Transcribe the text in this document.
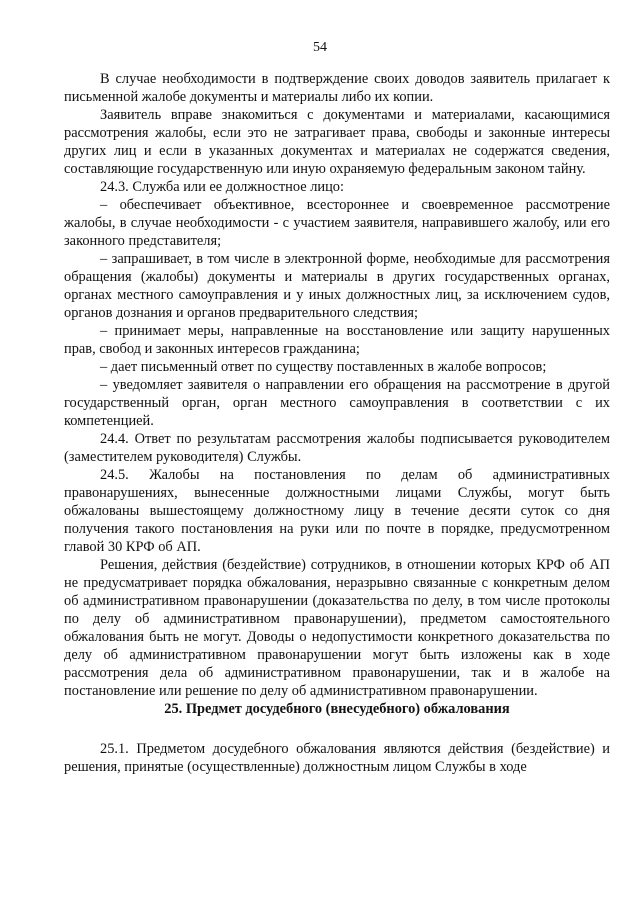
54

В случае необходимости в подтверждение своих доводов заявитель прилагает к письменной жалобе документы и материалы либо их копии.

Заявитель вправе знакомиться с документами и материалами, касающимися рассмотрения жалобы, если это не затрагивает права, свободы и законные интересы других лиц и если в указанных документах и материалах не содержатся сведения, составляющие государственную или иную охраняемую федеральным законом тайну.

24.3. Служба или ее должностное лицо:

– обеспечивает объективное, всестороннее и своевременное рассмотрение жалобы, в случае необходимости - с участием заявителя, направившего жалобу, или его законного представителя;

– запрашивает, в том числе в электронной форме, необходимые для рассмотрения обращения (жалобы) документы и материалы в других государственных органах, органах местного самоуправления и у иных должностных лиц, за исключением судов, органов дознания и органов предварительного следствия;

– принимает меры, направленные на восстановление или защиту нарушенных прав, свобод и законных интересов гражданина;

– дает письменный ответ по существу поставленных в жалобе вопросов;

– уведомляет заявителя о направлении его обращения на рассмотрение в другой государственный орган, орган местного самоуправления в соответствии с их компетенцией.

24.4. Ответ по результатам рассмотрения жалобы подписывается руководителем (заместителем руководителя) Службы.

24.5. Жалобы на постановления по делам об административных правонарушениях, вынесенные должностными лицами Службы, могут быть обжалованы вышестоящему должностному лицу в течение десяти суток со дня получения такого постановления на руки или по почте в порядке, предусмотренном главой 30 КРФ об АП.

Решения, действия (бездействие) сотрудников, в отношении которых КРФ об АП не предусматривает порядка обжалования, неразрывно связанные с конкретным делом об административном правонарушении (доказательства по делу, в том числе протоколы по делу об административном правонарушении), предметом самостоятельного обжалования быть не могут. Доводы о недопустимости конкретного доказательства по делу об административном правонарушении могут быть изложены как в ходе рассмотрения дела об административном правонарушении, так и в жалобе на постановление или решение по делу об административном правонарушении.

25. Предмет досудебного (внесудебного) обжалования

25.1. Предметом досудебного обжалования являются действия (бездействие) и решения, принятые (осуществленные) должностным лицом Службы в ходе
